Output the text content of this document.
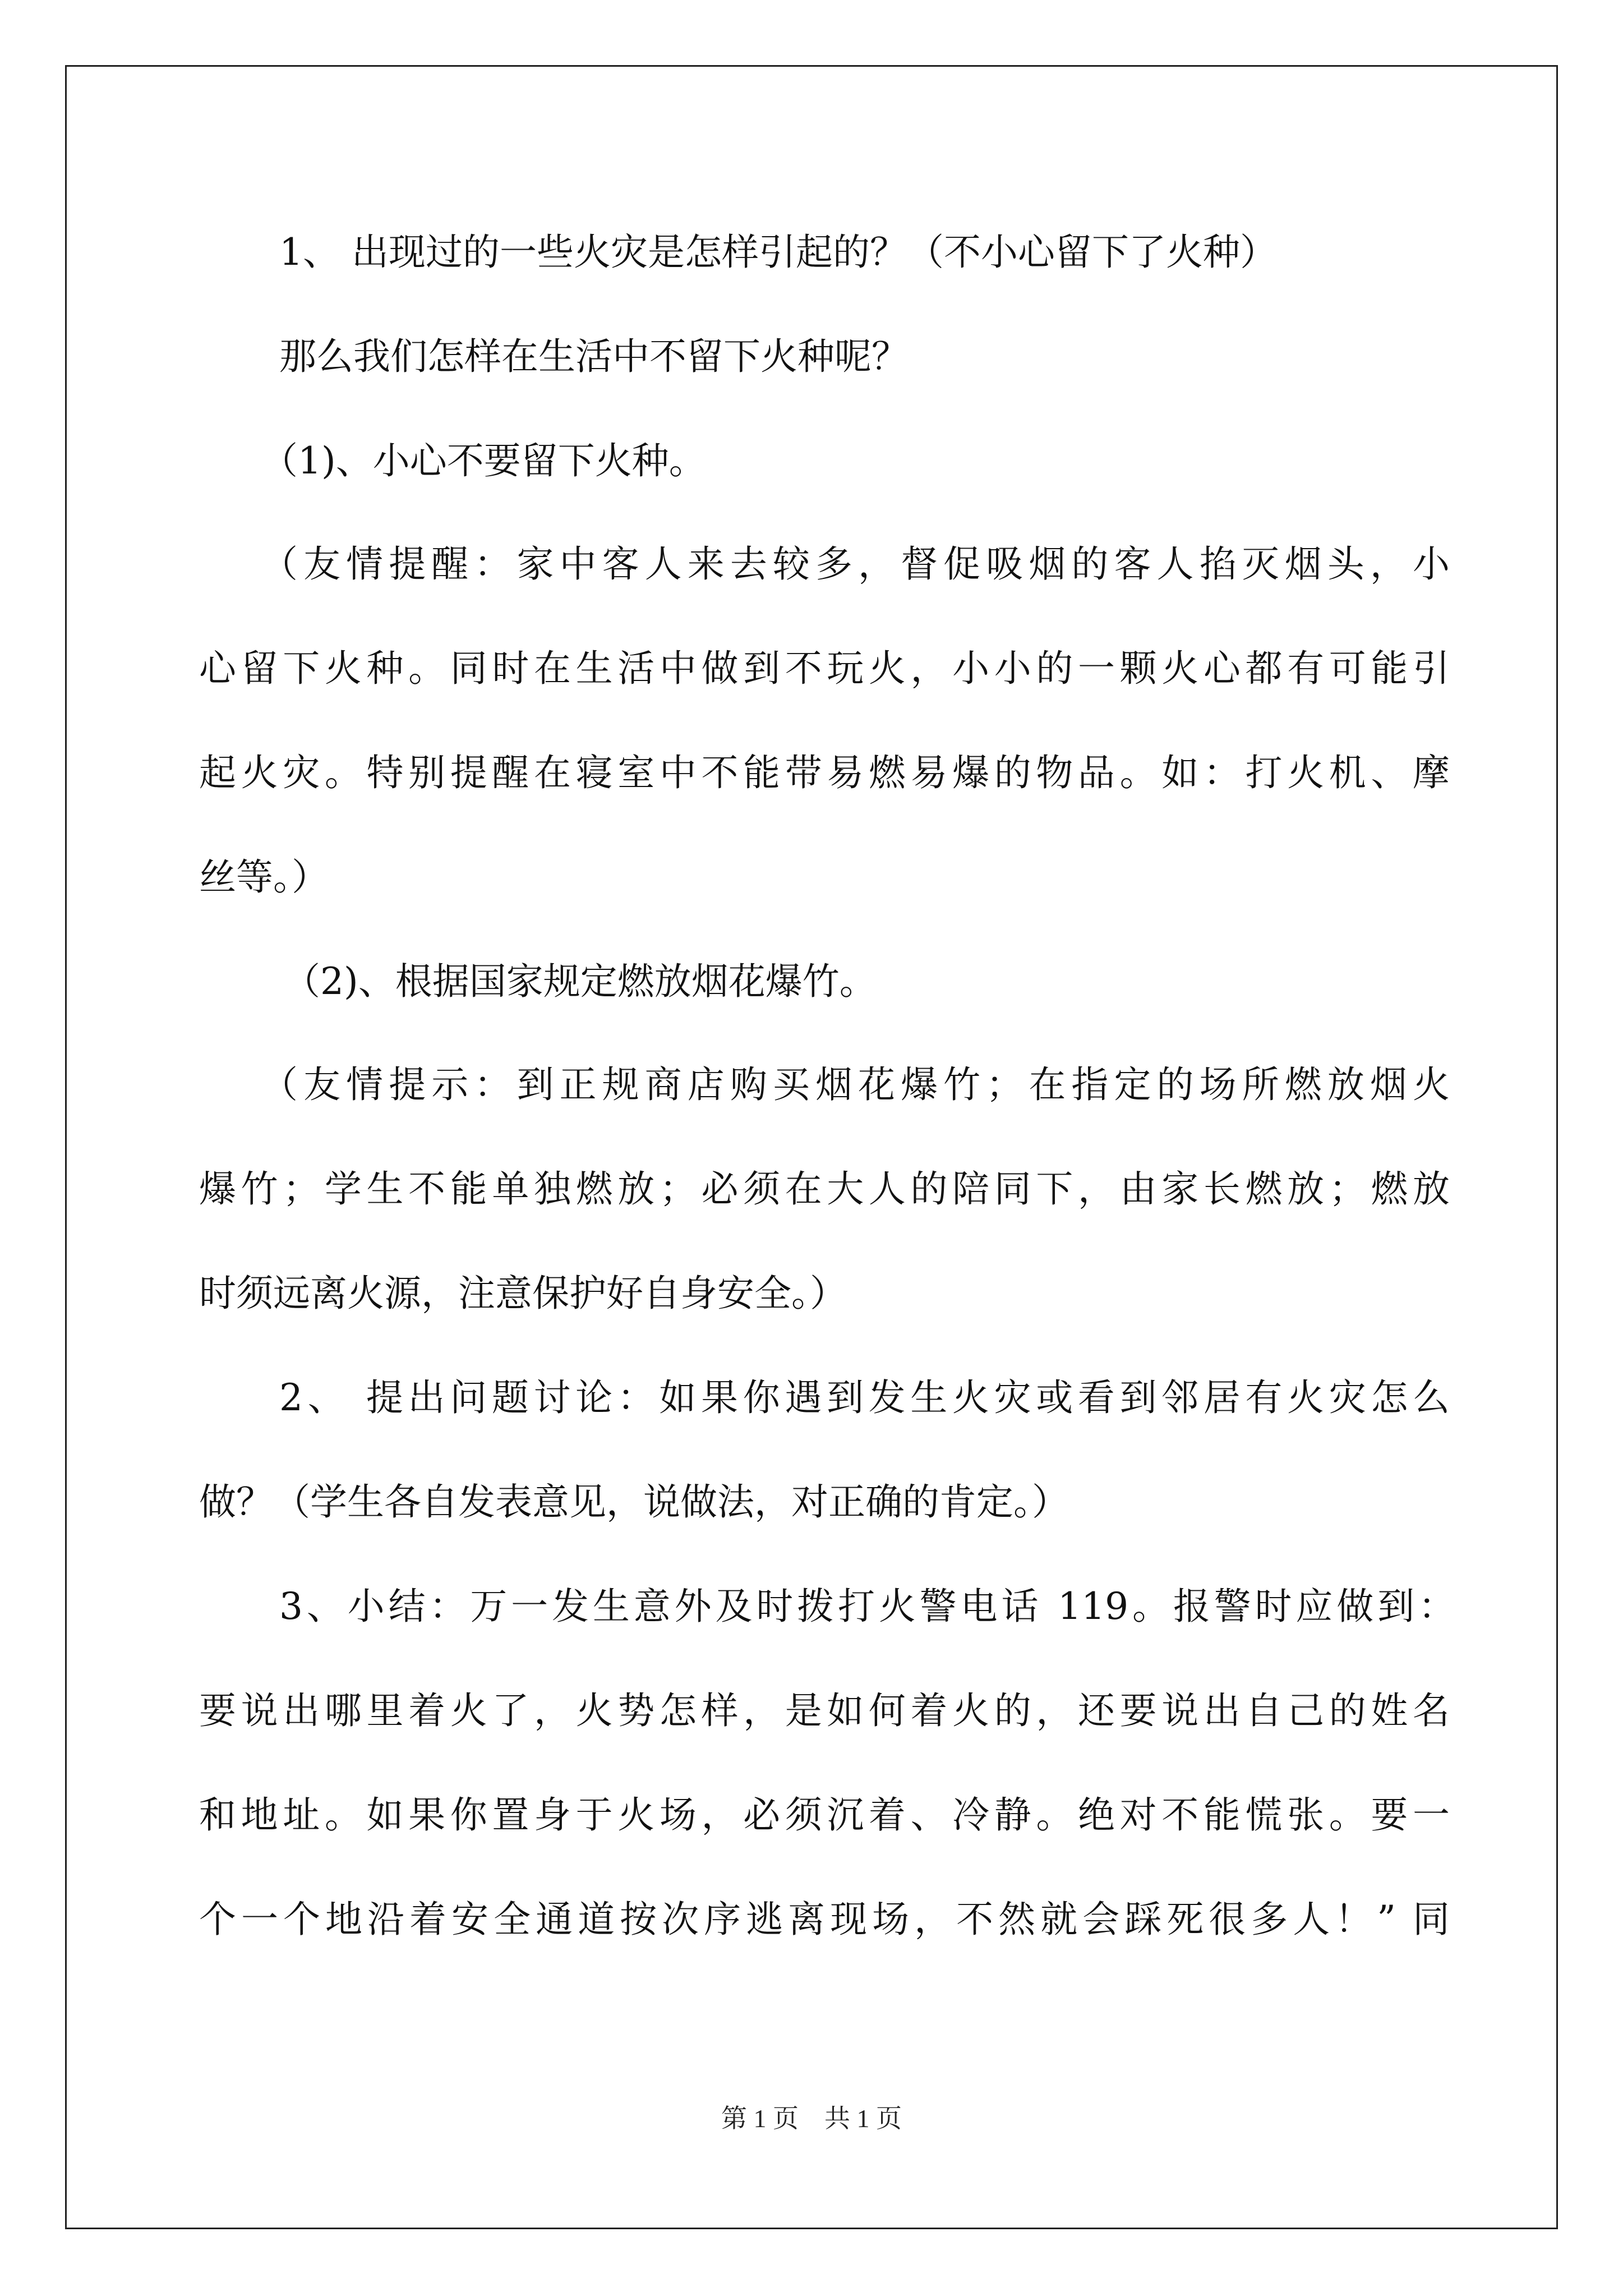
1、 出现过的一些火灾是怎样引起的？（不小心留下了火种）
那么我们怎样在生活中不留下火种呢？
（1)、小心不要留下火种。
（友情提醒：家中客人来去较多，督促吸烟的客人掐灭烟头，小
心留下火种。同时在生活中做到不玩火，小小的一颗火心都有可能引
起火灾。特别提醒在寝室中不能带易燃易爆的物品。如：打火机、摩
丝等。）
（2)、根据国家规定燃放烟花爆竹。
（友情提示：到正规商店购买烟花爆竹；在指定的场所燃放烟火
爆竹；学生不能单独燃放；必须在大人的陪同下，由家长燃放；燃放
时须远离火源，注意保护好自身安全。）
2、 提出问题讨论：如果你遇到发生火灾或看到邻居有火灾怎么
做？（学生各自发表意见，说做法，对正确的肯定。）
3、小结：万一发生意外及时拨打火警电话 119。报警时应做到：
要说出哪里着火了，火势怎样，是如何着火的，还要说出自己的姓名
和地址。如果你置身于火场，必须沉着、冷静。绝对不能慌张。要一
个一个地沿着安全通道按次序逃离现场，不然就会踩死很多人！” 同
第 1 页    共 1 页
